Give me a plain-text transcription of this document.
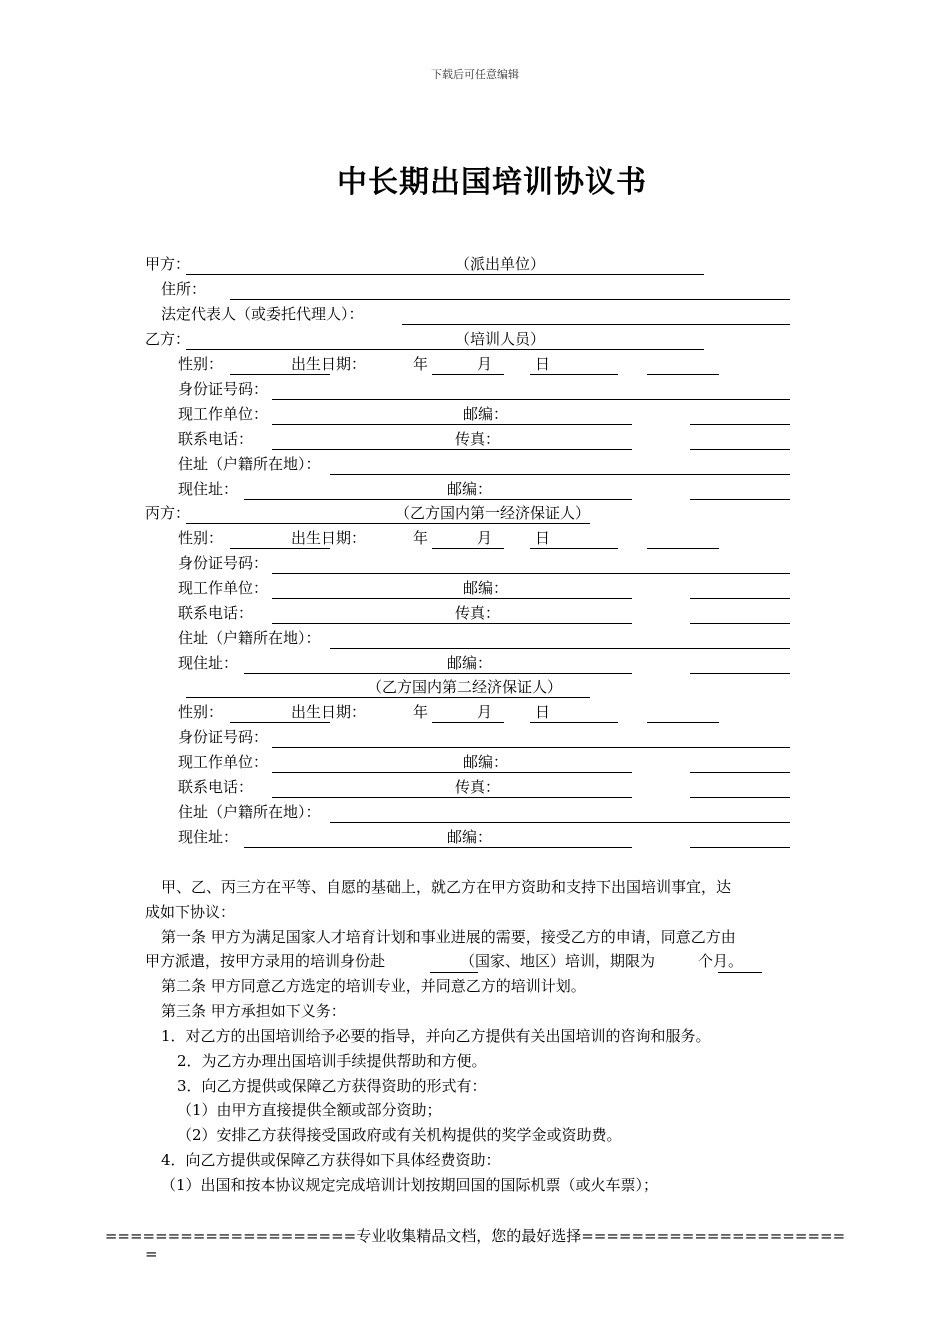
下载后可任意编辑
中长期出国培训协议书
甲方：	（派出单位）
住所：
法定代表人（或委托代理人）：
乙方：	（培训人员）
性别：	出生日期：	年	月	日
身份证号码：
现工作单位：	邮编：
联系电话：	传真：
住址（户籍所在地）：
现住址：	邮编：
丙方：	（乙方国内第一经济保证人）
性别：	出生日期：	年	月	日
身份证号码：
现工作单位：	邮编：
联系电话：	传真：
住址（户籍所在地）：
现住址：	邮编：
（乙方国内第二经济保证人）
性别：	出生日期：	年	月	日
身份证号码：
现工作单位：	邮编：
联系电话：	传真：
住址（户籍所在地）：
现住址：	邮编：
甲、乙、丙三方在平等、自愿的基础上，就乙方在甲方资助和支持下出国培训事宜，达
成如下协议：
第一条 甲方为满足国家人才培育计划和事业进展的需要，接受乙方的申请，同意乙方由
甲方派遣，按甲方录用的培训身份赴	（国家、地区）培训，期限为	个月。
第二条 甲方同意乙方选定的培训专业，并同意乙方的培训计划。
第三条 甲方承担如下义务：
1．对乙方的出国培训给予必要的指导，并向乙方提供有关出国培训的咨询和服务。
2．为乙方办理出国培训手续提供帮助和方便。
3．向乙方提供或保障乙方获得资助的形式有：
（1）由甲方直接提供全额或部分资助；
（2）安排乙方获得接受国政府或有关机构提供的奖学金或资助费。
4．向乙方提供或保障乙方获得如下具体经费资助：
（1）出国和按本协议规定完成培训计划按期回国的国际机票（或火车票）；
====================专业收集精品文档，您的最好选择=====================
=
